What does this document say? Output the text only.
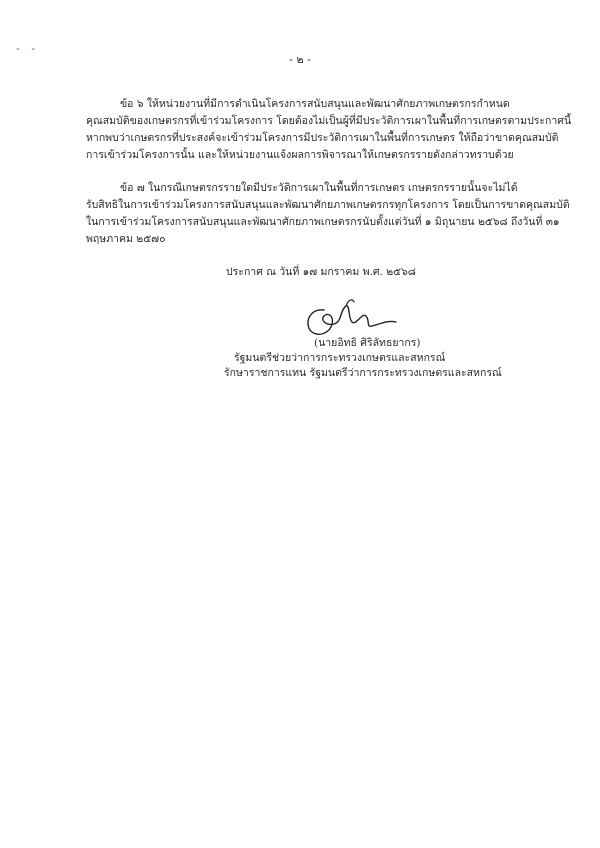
- -
- ๒ -

ข้อ ๖ ให้หน่วยงานที่มีการดำเนินโครงการสนับสนุนและพัฒนาศักยภาพเกษตรกรกำหนด
คุณสมบัติของเกษตรกรที่เข้าร่วมโครงการ โดยต้องไม่เป็นผู้ที่มีประวัติการเผาในพื้นที่การเกษตรตามประกาศนี้
หากพบว่าเกษตรกรที่ประสงค์จะเข้าร่วมโครงการมีประวัติการเผาในพื้นที่การเกษตร ให้ถือว่าขาดคุณสมบัติ
การเข้าร่วมโครงการนั้น และให้หน่วยงานแจ้งผลการพิจารณาให้เกษตรกรรายดังกล่าวทราบด้วย

ข้อ ๗ ในกรณีเกษตรกรรายใดมีประวัติการเผาในพื้นที่การเกษตร เกษตรกรรายนั้นจะไม่ได้
รับสิทธิในการเข้าร่วมโครงการสนับสนุนและพัฒนาศักยภาพเกษตรกรทุกโครงการ โดยเป็นการขาดคุณสมบัติ
ในการเข้าร่วมโครงการสนับสนุนและพัฒนาศักยภาพเกษตรกรนับตั้งแต่วันที่ ๑ มิถุนายน ๒๕๖๘ ถึงวันที่ ๓๑
พฤษภาคม ๒๕๗๐

ประกาศ ณ วันที่ ๑๗ มกราคม พ.ศ. ๒๕๖๘
(นายอิทธิ ศิริลัทธยากร)
รัฐมนตรีช่วยว่าการกระทรวงเกษตรและสหกรณ์
รักษาราชการแทน รัฐมนตรีว่าการกระทรวงเกษตรและสหกรณ์
